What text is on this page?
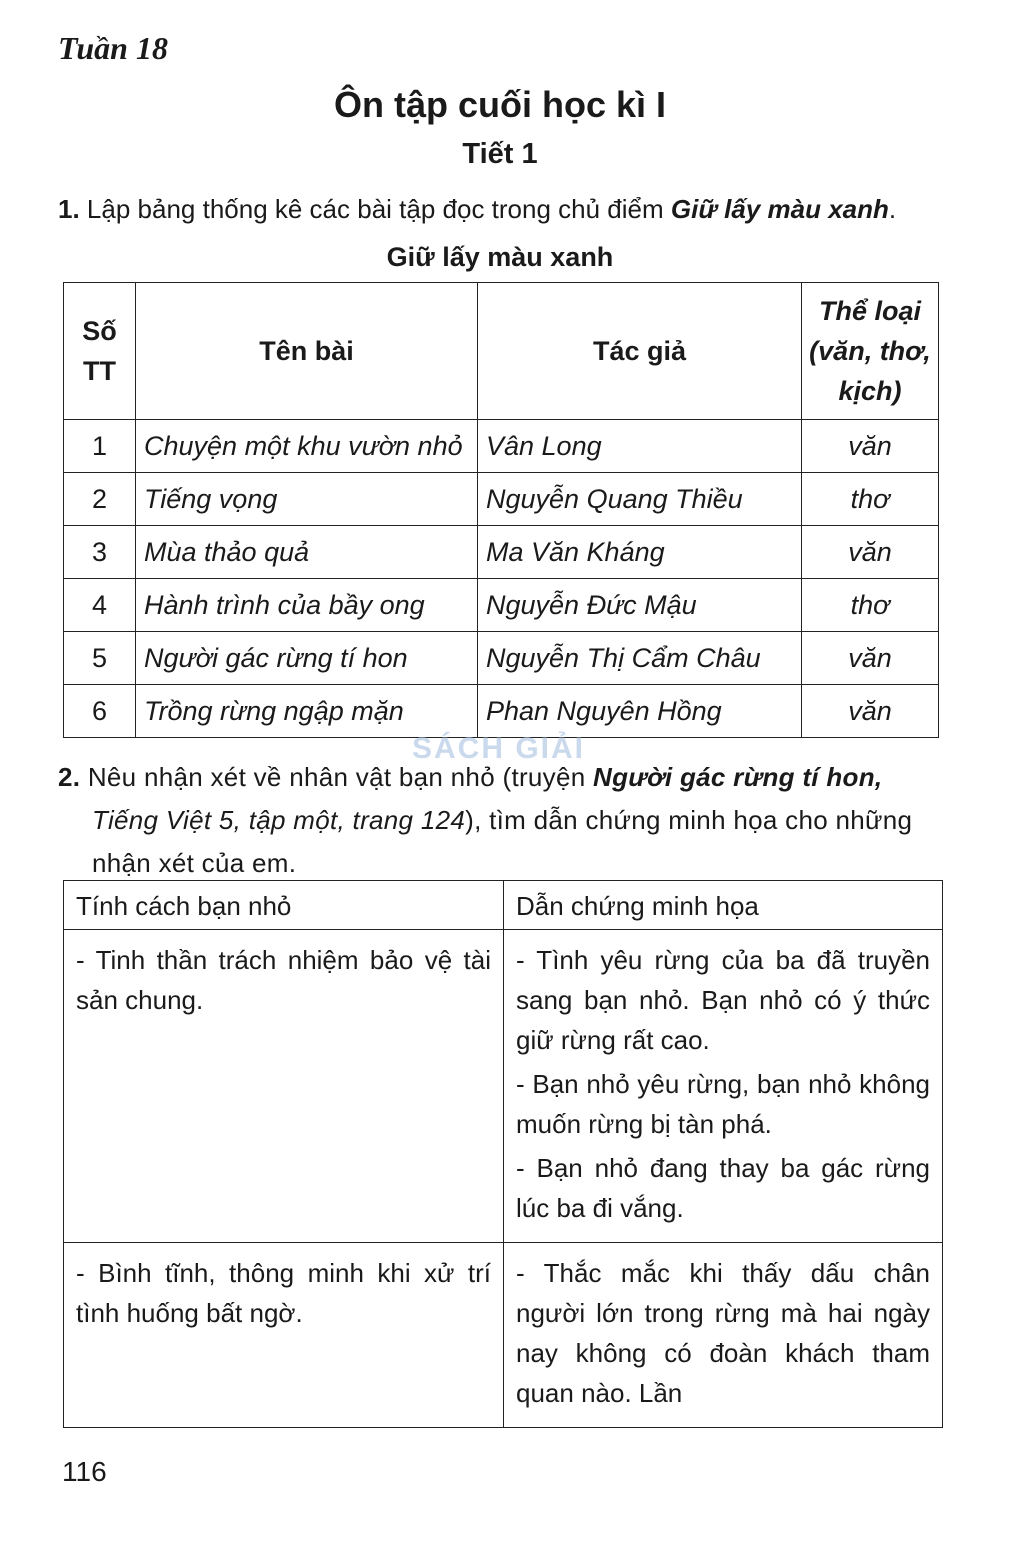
Tuần 18
Ôn tập cuối học kì I
Tiết 1
1. Lập bảng thống kê các bài tập đọc trong chủ điểm Giữ lấy màu xanh.
Giữ lấy màu xanh
Số TT	Tên bài	Tác giả	Thể loại (văn, thơ, kịch)
1	Chuyện một khu vườn nhỏ	Vân Long	văn
2	Tiếng vọng	Nguyễn Quang Thiều	thơ
3	Mùa thảo quả	Ma Văn Kháng	văn
4	Hành trình của bầy ong	Nguyễn Đức Mậu	thơ
5	Người gác rừng tí hon	Nguyễn Thị Cẩm Châu	văn
6	Trồng rừng ngập mặn	Phan Nguyên Hồng	văn
SÁCH GIẢI
2. Nêu nhận xét về nhân vật bạn nhỏ (truyện Người gác rừng tí hon, Tiếng Việt 5, tập một, trang 124), tìm dẫn chứng minh họa cho những nhận xét của em.
Tính cách bạn nhỏ	Dẫn chứng minh họa

- Tinh thần trách nhiệm bảo vệ tài sản chung.	- Tình yêu rừng của ba đã truyền sang bạn nhỏ. Bạn nhỏ có ý thức giữ rừng rất cao.

- Bạn nhỏ yêu rừng, bạn nhỏ không muốn rừng bị tàn phá.

- Bạn nhỏ đang thay ba gác rừng lúc ba đi vắng.

- Bình tĩnh, thông minh khi xử trí tình huống bất ngờ.	- Thắc mắc khi thấy dấu chân người lớn trong rừng mà hai ngày nay không có đoàn khách tham quan nào. Lần

116
